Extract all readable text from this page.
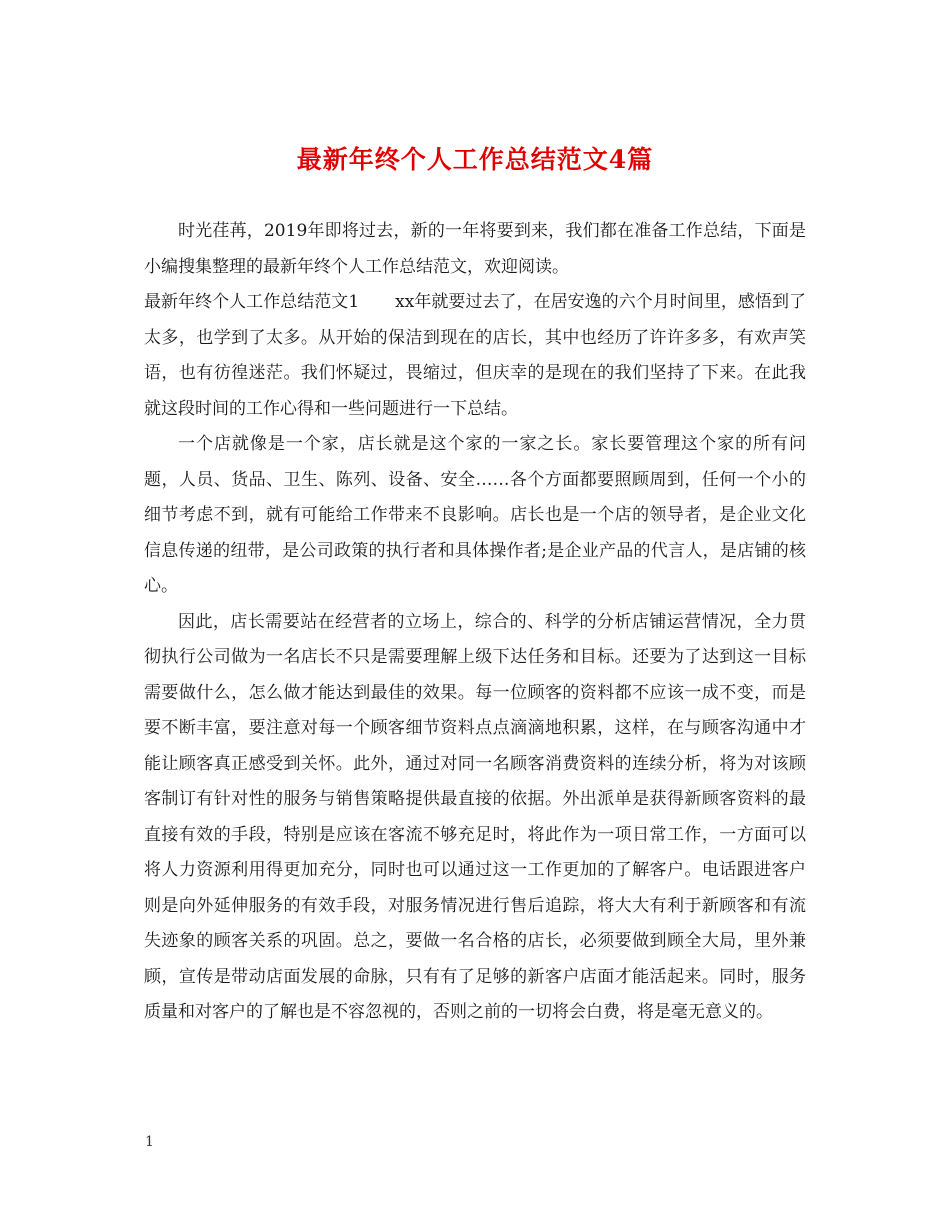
最新年终个人工作总结范文4篇

时光荏苒，2019年即将过去，新的一年将要到来，我们都在准备工作总结，下面是小编搜集整理的最新年终个人工作总结范文，欢迎阅读。

最新年终个人工作总结范文1 xx年就要过去了，在居安逸的六个月时间里，感悟到了太多，也学到了太多。从开始的保洁到现在的店长，其中也经历了许许多多，有欢声笑语，也有彷徨迷茫。我们怀疑过，畏缩过，但庆幸的是现在的我们坚持了下来。在此我就这段时间的工作心得和一些问题进行一下总结。

一个店就像是一个家，店长就是这个家的一家之长。家长要管理这个家的所有问题，人员、货品、卫生、陈列、设备、安全……各个方面都要照顾周到，任何一个小的细节考虑不到，就有可能给工作带来不良影响。店长也是一个店的领导者，是企业文化信息传递的纽带，是公司政策的执行者和具体操作者;是企业产品的代言人，是店铺的核心。

因此，店长需要站在经营者的立场上，综合的、科学的分析店铺运营情况，全力贯彻执行公司做为一名店长不只是需要理解上级下达任务和目标。还要为了达到这一目标需要做什么，怎么做才能达到最佳的效果。每一位顾客的资料都不应该一成不变，而是要不断丰富，要注意对每一个顾客细节资料点点滴滴地积累，这样，在与顾客沟通中才能让顾客真正感受到关怀。此外，通过对同一名顾客消费资料的连续分析，将为对该顾客制订有针对性的服务与销售策略提供最直接的依据。外出派单是获得新顾客资料的最直接有效的手段，特别是应该在客流不够充足时，将此作为一项日常工作，一方面可以将人力资源利用得更加充分，同时也可以通过这一工作更加的了解客户。电话跟进客户则是向外延伸服务的有效手段，对服务情况进行售后追踪，将大大有利于新顾客和有流失迹象的顾客关系的巩固。总之，要做一名合格的店长，必须要做到顾全大局，里外兼顾，宣传是带动店面发展的命脉，只有有了足够的新客户店面才能活起来。同时，服务质量和对客户的了解也是不容忽视的，否则之前的一切将会白费，将是毫无意义的。

1
